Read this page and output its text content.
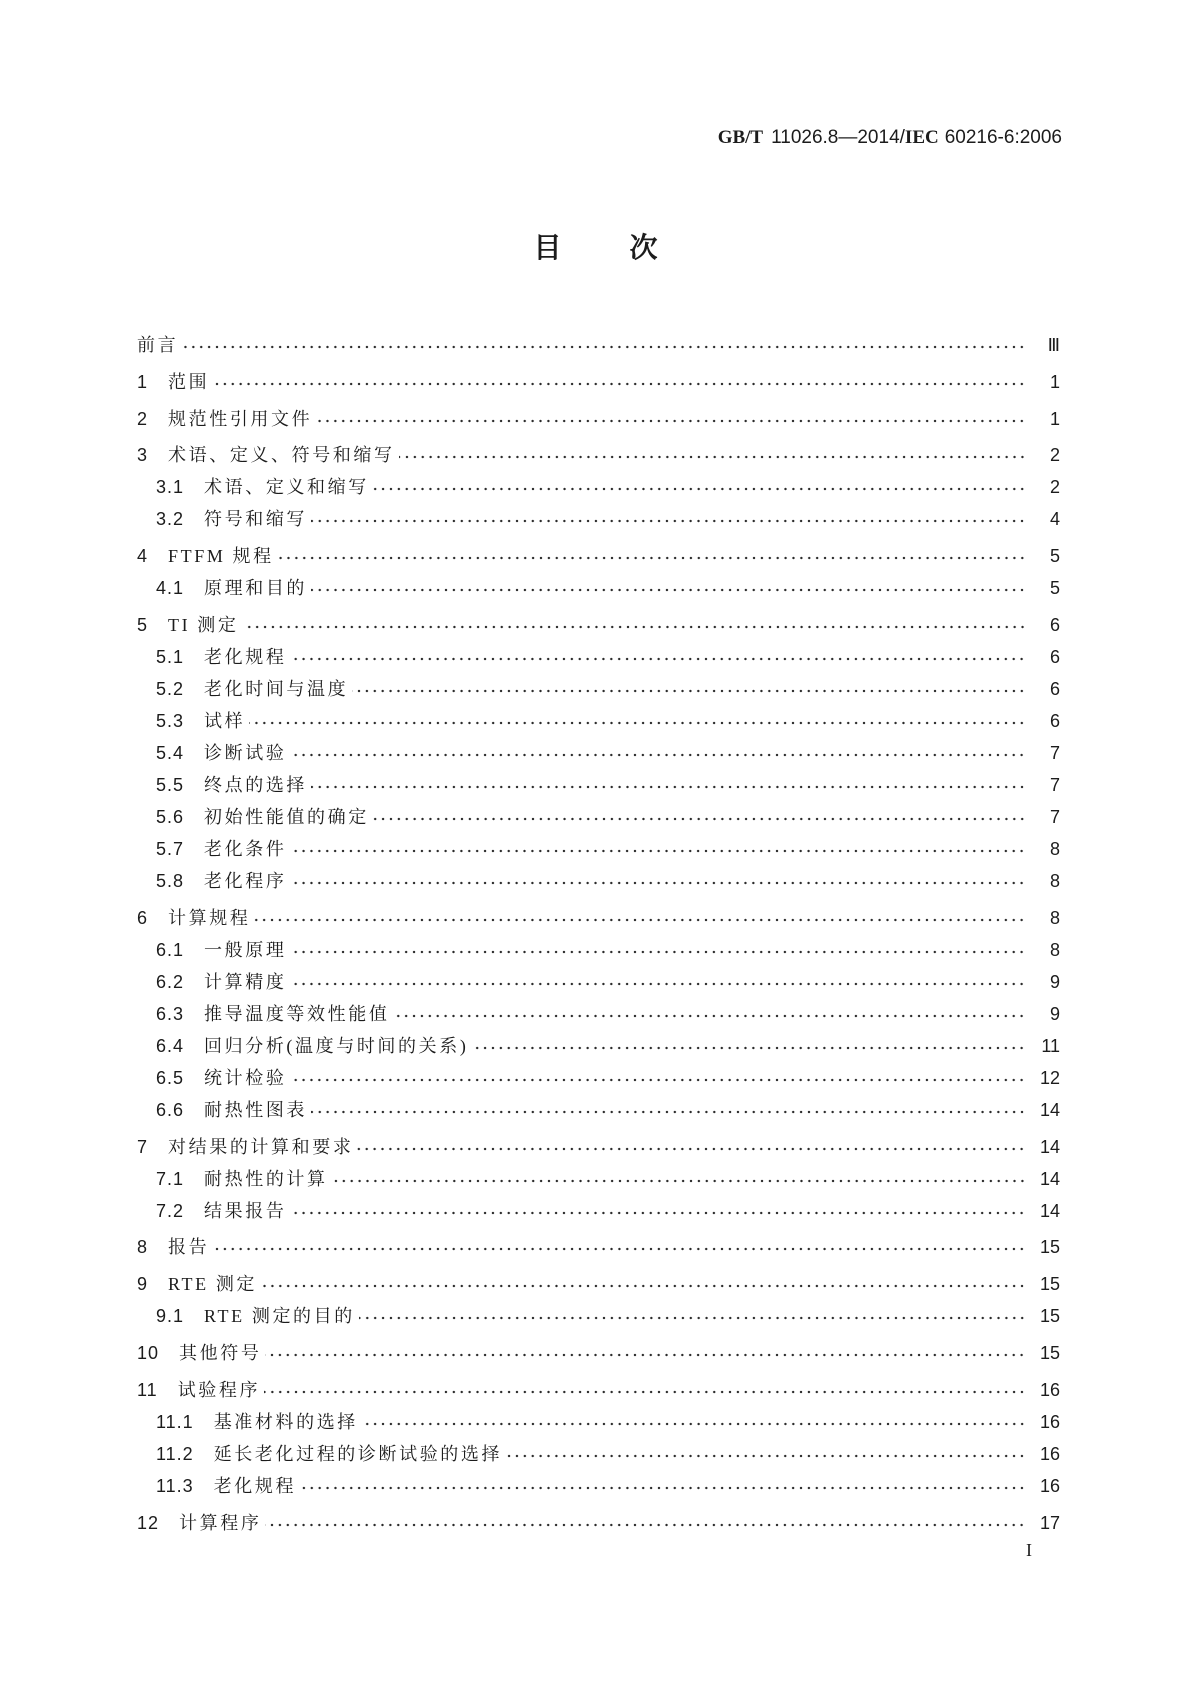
GB/T 11026.8—2014/IEC 60216-6:2006
目次
前言	Ⅲ
1 范围	1
2 规范性引用文件	1
3 术语、定义、符号和缩写	2
3.1 术语、定义和缩写	2
3.2 符号和缩写	4
4 FTFM 规程	5
4.1 原理和目的	5
5 TI 测定	6
5.1 老化规程	6
5.2 老化时间与温度	6
5.3 试样	6
5.4 诊断试验	7
5.5 终点的选择	7
5.6 初始性能值的确定	7
5.7 老化条件	8
5.8 老化程序	8
6 计算规程	8
6.1 一般原理	8
6.2 计算精度	9
6.3 推导温度等效性能值	9
6.4 回归分析(温度与时间的关系)	11
6.5 统计检验	12
6.6 耐热性图表	14
7 对结果的计算和要求	14
7.1 耐热性的计算	14
7.2 结果报告	14
8 报告	15
9 RTE 测定	15
9.1 RTE 测定的目的	15
10 其他符号	15
11 试验程序	16
11.1 基准材料的选择	16
11.2 延长老化过程的诊断试验的选择	16
11.3 老化规程	16
12 计算程序	17
I
